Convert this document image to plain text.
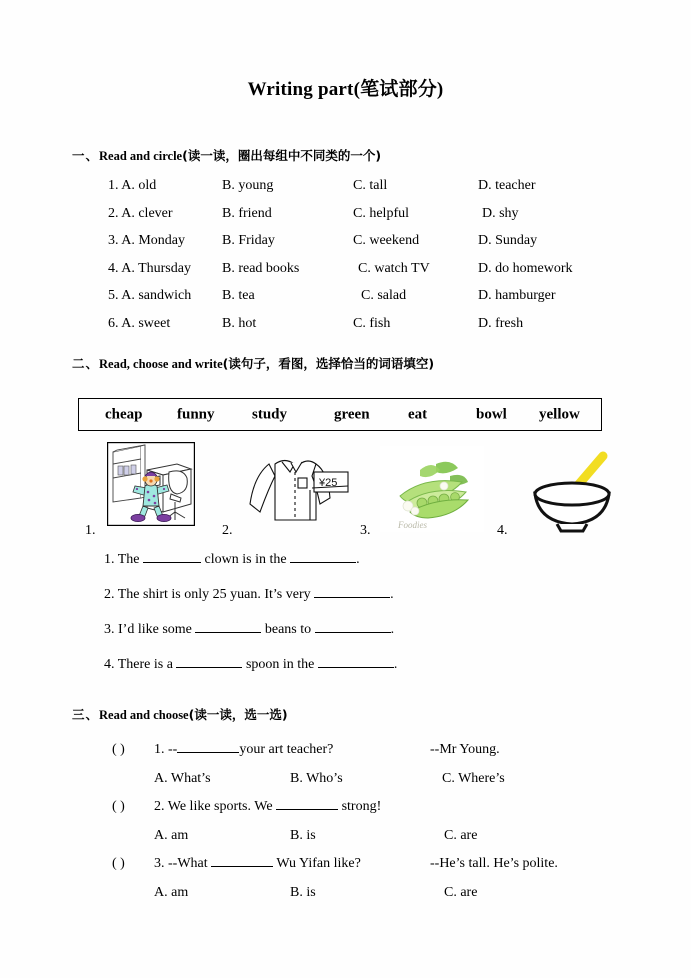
Writing part(笔试部分)
一、Read and circle(读一读，圈出每组中不同类的一个)
1. A. old	B. young	C. tall	D. teacher
2. A. clever	B. friend	C. helpful	D. shy
3. A. Monday	B. Friday	C. weekend	D. Sunday
4. A. Thursday B. read books	C. watch TV	D. do homework
5. A. sandwich B. tea	C. salad	D. hamburger
6. A. sweet	B. hot	C. fish	D. fresh
二、Read, choose and write(读句子，看图，选择恰当的词语填空)
cheap funny study	green	eat	bowl yellow
1.	2.
¥25
3.	Foodies	4.
1. The	clown is in the	.
2. The shirt is only 25 yuan. It’s very	.
3. I’d like some	beans to	.
4. There is a	spoon in the	.
三、Read and choose(读一读，选一选)
( ) 1. --	your art teacher?	--Mr Young.
A. What’s	B. Who’s	C. Where’s
( ) 2. We like sports. We	strong!
A. am	B. is	C. are
( ) 3. --What	Wu Yifan like?	--He’s tall. He’s polite.
A. am	B. is	C. are
